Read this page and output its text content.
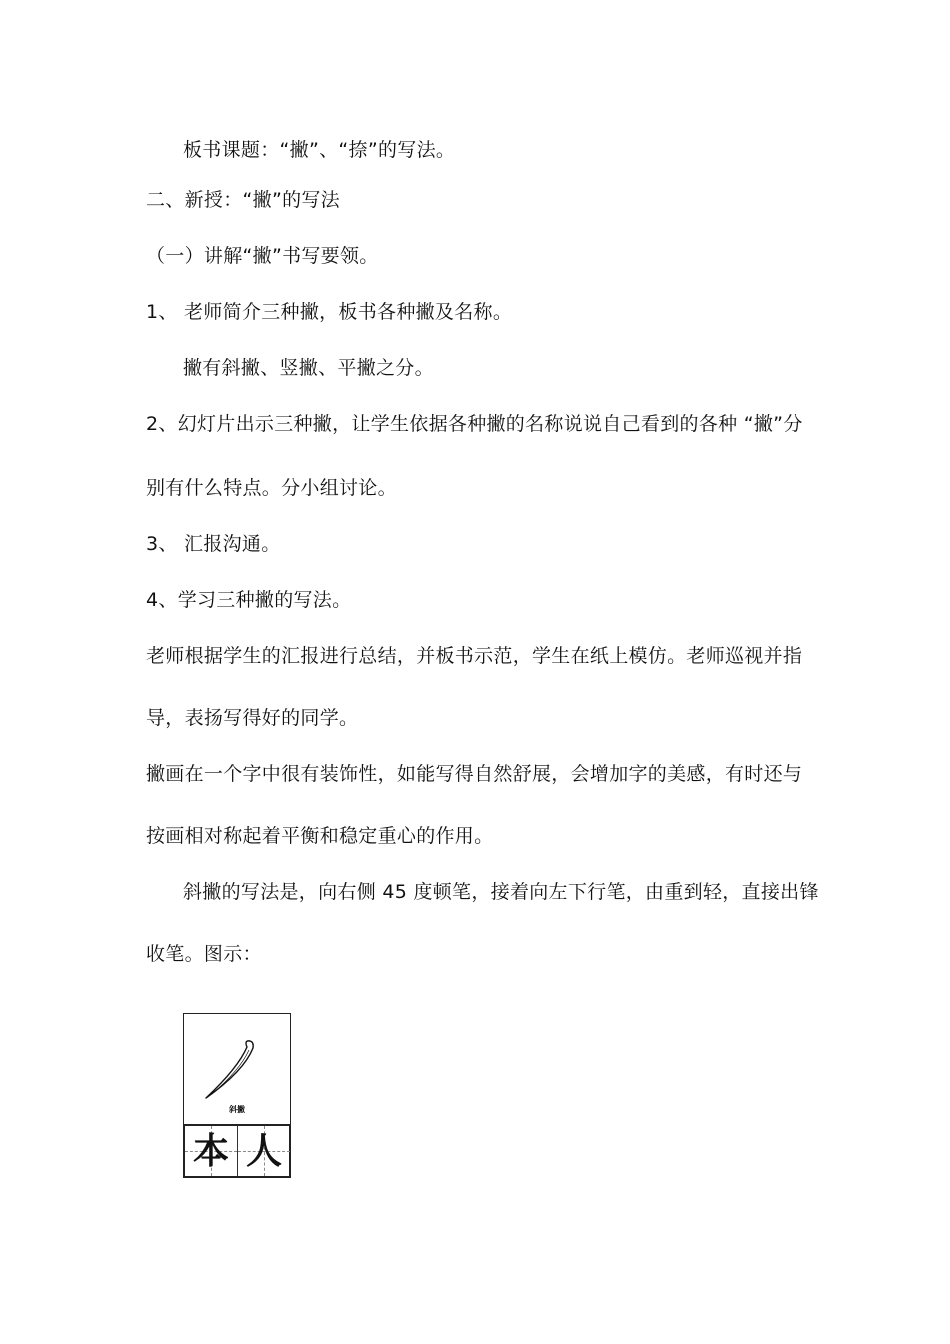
板书课题：“撇”、“捺”的写法。
二、新授：“撇”的写法
（一）讲解“撇”书写要领。
1、 老师简介三种撇，板书各种撇及名称。
撇有斜撇、竖撇、平撇之分。
2、幻灯片出示三种撇，让学生依据各种撇的名称说说自己看到的各种 “撇”分
别有什么特点。分小组讨论。
3、 汇报沟通。
4、学习三种撇的写法。
老师根据学生的汇报进行总结，并板书示范，学生在纸上模仿。老师巡视并指
导，表扬写得好的同学。
撇画在一个字中很有装饰性，如能写得自然舒展，会增加字的美感，有时还与
按画相对称起着平衡和稳定重心的作用。
斜撇的写法是，向右侧 45 度顿笔，接着向左下行笔，由重到轻，直接出锋
收笔。图示：
斜撇
本 人
